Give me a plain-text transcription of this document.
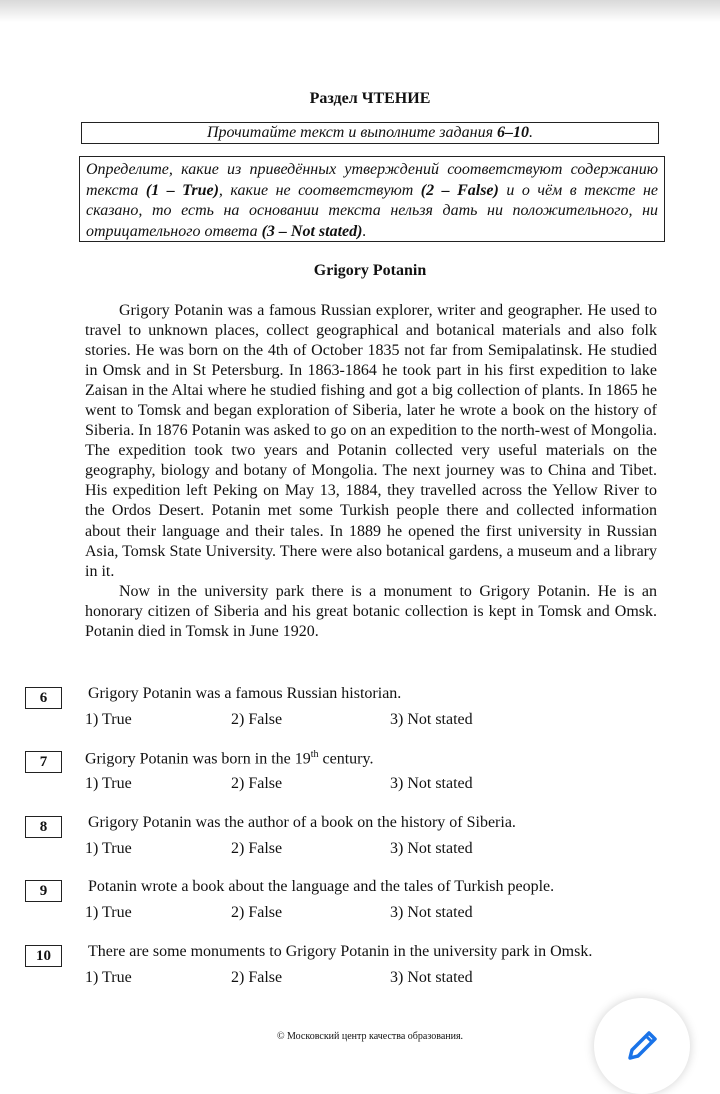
Раздел ЧТЕНИЕ
Прочитайте текст и выполните задания 6–10.
Определите, какие из приведённых утверждений соответствуют содержанию текста (1 – True), какие не соответствуют (2 – False) и о чём в тексте не сказано, то есть на основании текста нельзя дать ни положительного, ни отрицательного ответа (3 – Not stated).
Grigory Potanin

Grigory Potanin was a famous Russian explorer, writer and geographer. He used to travel to unknown places, collect geographical and botanical materials and also folk stories. He was born on the 4th of October 1835 not far from Semipalatinsk. He studied in Omsk and in St Petersburg. In 1863-1864 he took part in his first expedition to lake Zaisan in the Altai where he studied fishing and got a big collection of plants. In 1865 he went to Tomsk and began exploration of Siberia, later he wrote a book on the history of Siberia. In 1876 Potanin was asked to go on an expedition to the north-west of Mongolia. The expedition took two years and Potanin collected very useful materials on the geography, biology and botany of Mongolia. The next journey was to China and Tibet. His expedition left Peking on May 13, 1884, they travelled across the Yellow River to the Ordos Desert. Potanin met some Turkish people there and collected information about their language and their tales. In 1889 he opened the first university in Russian Asia, Tomsk State University. There were also botanical gardens, a museum and a library in it.

Now in the university park there is a monument to Grigory Potanin. He is an honorary citizen of Siberia and his great botanic collection is kept in Tomsk and Omsk. Potanin died in Tomsk in June 1920.

6	Grigory Potanin was a famous Russian historian.
1) True	2) False	3) Not stated
7	Grigory Potanin was born in the 19th century.
1) True	2) False	3) Not stated
8	Grigory Potanin was the author of a book on the history of Siberia.
1) True	2) False	3) Not stated
9	Potanin wrote a book about the language and the tales of Turkish people.
1) True	2) False	3) Not stated
10	There are some monuments to Grigory Potanin in the university park in Omsk.
1) True	2) False	3) Not stated
© Московский центр качества образования.
